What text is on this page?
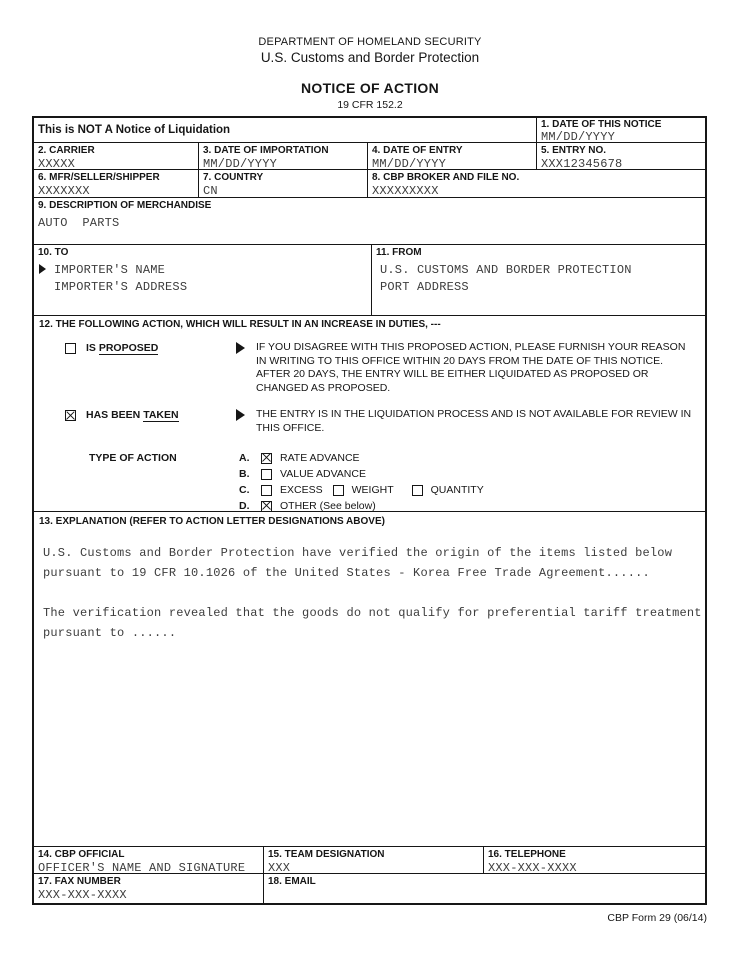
DEPARTMENT OF HOMELAND SECURITY
U.S. Customs and Border Protection
NOTICE OF ACTION
19 CFR 152.2
This is NOT A Notice of Liquidation	1. DATE OF THIS NOTICE
MM/DD/YYYY
2. CARRIER
XXXXX
3. DATE OF IMPORTATION
MM/DD/YYYY
4. DATE OF ENTRY
MM/DD/YYYY
5. ENTRY NO.
XXX12345678
6. MFR/SELLER/SHIPPER
XXXXXXX
7. COUNTRY
CN
8. CBP BROKER AND FILE NO.
XXXXXXXXX
9. DESCRIPTION OF MERCHANDISE
AUTO  PARTS
10. TO
IMPORTER'S NAME
IMPORTER'S ADDRESS
11. FROM
U.S. CUSTOMS AND BORDER PROTECTION
PORT ADDRESS
12. THE FOLLOWING ACTION, WHICH WILL RESULT IN AN INCREASE IN DUTIES, ---
IS PROPOSED	IF YOU DISAGREE WITH THIS PROPOSED ACTION, PLEASE FURNISH YOUR REASON IN WRITING TO THIS OFFICE WITHIN 20 DAYS FROM THE DATE OF THIS NOTICE. AFTER 20 DAYS, THE ENTRY WILL BE EITHER LIQUIDATED AS PROPOSED OR CHANGED AS PROPOSED.
HAS BEEN TAKEN	THE ENTRY IS IN THE LIQUIDATION PROCESS AND IS NOT AVAILABLE FOR REVIEW IN THIS OFFICE.
TYPE OF ACTION	A.	RATE ADVANCE
B.	VALUE ADVANCE
C.	EXCESS	WEIGHT	QUANTITY
D.	OTHER (See below)
13. EXPLANATION (REFER TO ACTION LETTER DESIGNATIONS ABOVE)

U.S. Customs and Border Protection have verified the origin of the items listed below pursuant to 19 CFR 10.1026 of the United States - Korea Free Trade Agreement......

The verification revealed that the goods do not qualify for preferential tariff treatment pursuant to ......

14. CBP OFFICIAL
OFFICER'S NAME AND SIGNATURE
15. TEAM DESIGNATION
XXX
16. TELEPHONE
XXX-XXX-XXXX
17. FAX NUMBER
XXX-XXX-XXXX
18. EMAIL
CBP Form 29 (06/14)
